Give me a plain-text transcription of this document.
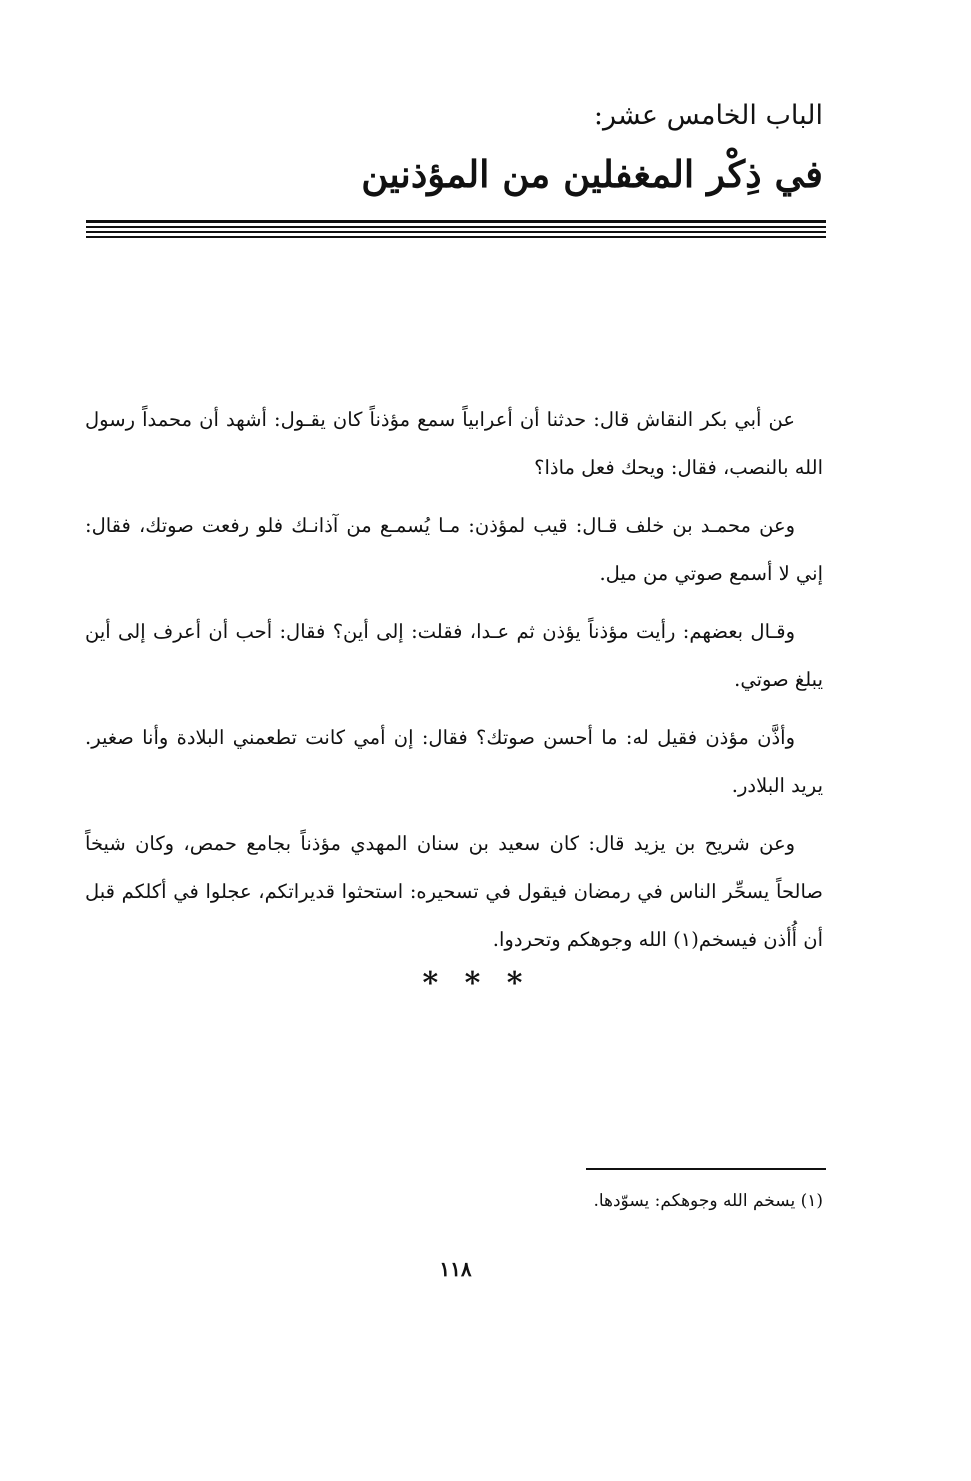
الباب الخامس عشر:
في ذِكْر المغفلين من المؤذنين

عن أبي بكر النقاش قال: حدثنا أن أعرابياً سمع مؤذناً كان يقـول: أشهد أن محمداً رسول الله بالنصب، فقال: ويحك فعل ماذا؟

وعن محمـد بن خلف قـال: قيب لمؤذن: مـا يُسمـع من آذانـك فلو رفعت صوتك، فقال: إني لا أسمع صوتي من ميل.

وقـال بعضهم: رأيت مؤذناً يؤذن ثم عـدا، فقلت: إلى أين؟ فقال: أحب أن أعرف إلى أين يبلغ صوتي.

وأذَّن مؤذن فقيل له: ما أحسن صوتك؟ فقال: إن أمي كانت تطعمني البلادة وأنا صغير. يريد البلادر.

وعن شريح بن يزيد قال: كان سعيد بن سنان المهدي مؤذناً بجامع حمص، وكان شيخاً صالحاً يسحِّر الناس في رمضان فيقول في تسحيره: استحثوا قديراتكم، عجلوا في أكلكم قبل أن أُأذن فيسخم(١) الله وجوهكم وتحردوا.

* * *
(١) يسخم الله وجوهكم: يسوّدها.
١١٨
